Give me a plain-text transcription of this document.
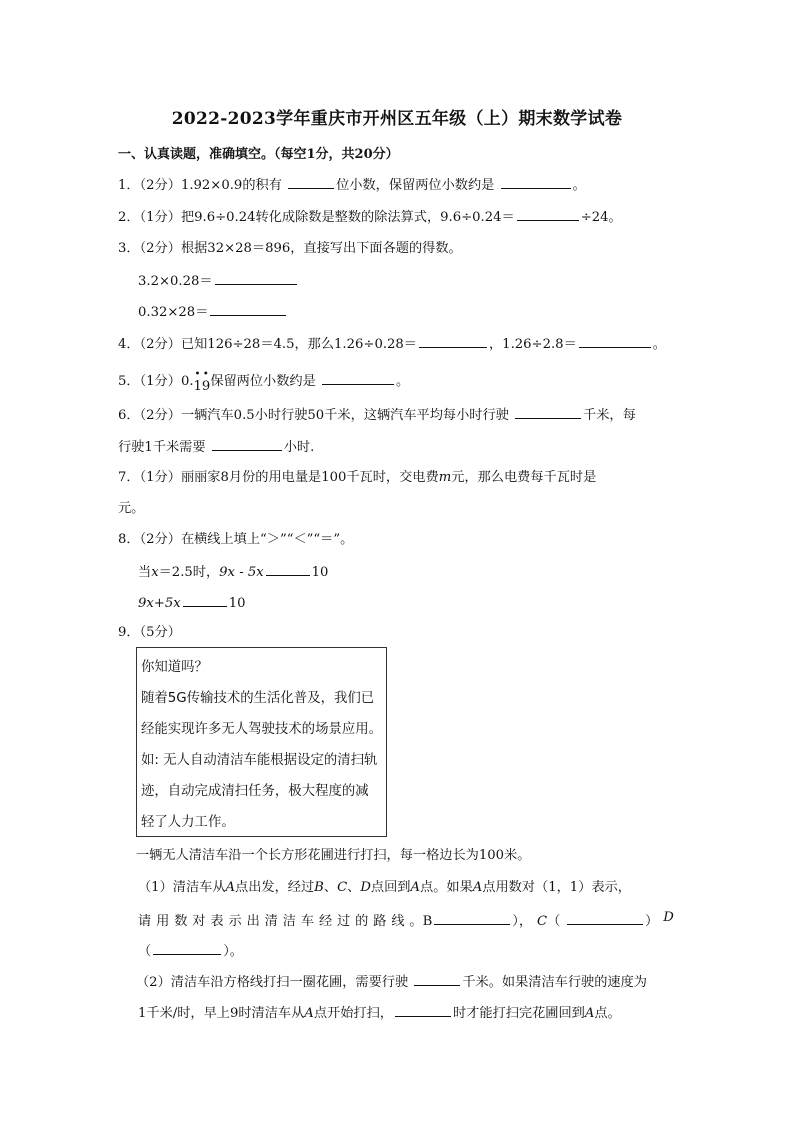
2022-2023学年重庆市开州区五年级（上）期末数学试卷
一、认真读题，准确填空。（每空1分，共20分）
1．（2分）1.92×0.9的积有	位小数，保留两位小数约是	。
2．（1分）把9.6÷0.24转化成除数是整数的除法算式，9.6÷0.24＝	÷24。
3．（2分）根据32×28＝896，直接写出下面各题的得数。
3.2×0.28＝
0.32×28＝
4．（2分）已知126÷28＝4.5，那么1.26÷0.28＝	，1.26÷2.8＝	。
5．（1分）0. •
1
•
9保留两位小数约是	。
6．（2分）一辆汽车0.5小时行驶50千米，这辆汽车平均每小时行驶	千米，每
行驶1千米需要	小时.
7．（1分）丽丽家8月份的用电量是100千瓦时，交电费m元，那么电费每千瓦时是
元。
8．（2分）在横线上填上“＞”“＜”“＝”。
当x＝2.5时，9x - 5x	10
9x+5x	10
9．（5分）
你知道吗？
随着5G传输技术的生活化普及，我们已
经能实现许多无人驾驶技术的场景应用。
如: 无人自动清洁车能根据设定的清扫轨
迹，自动完成清扫任务，极大程度的减
轻了人力工作。
一辆无人清洁车沿一个长方形花圃进行打扫，每一格边长为100米。
（1）清洁车从A点出发，经过B、C、D点回到A点。如果A点用数对（1，1）表示，
请 用 数 对 表 示 出 清 洁 车 经 过 的 路 线 。B	）， C（	） D
（	）。
（2）清洁车沿方格线打扫一圈花圃，需要行驶	千米。如果清洁车行驶的速度为
1千米/时，早上9时清洁车从A点开始打扫，	时才能打扫完花圃回到A点。
